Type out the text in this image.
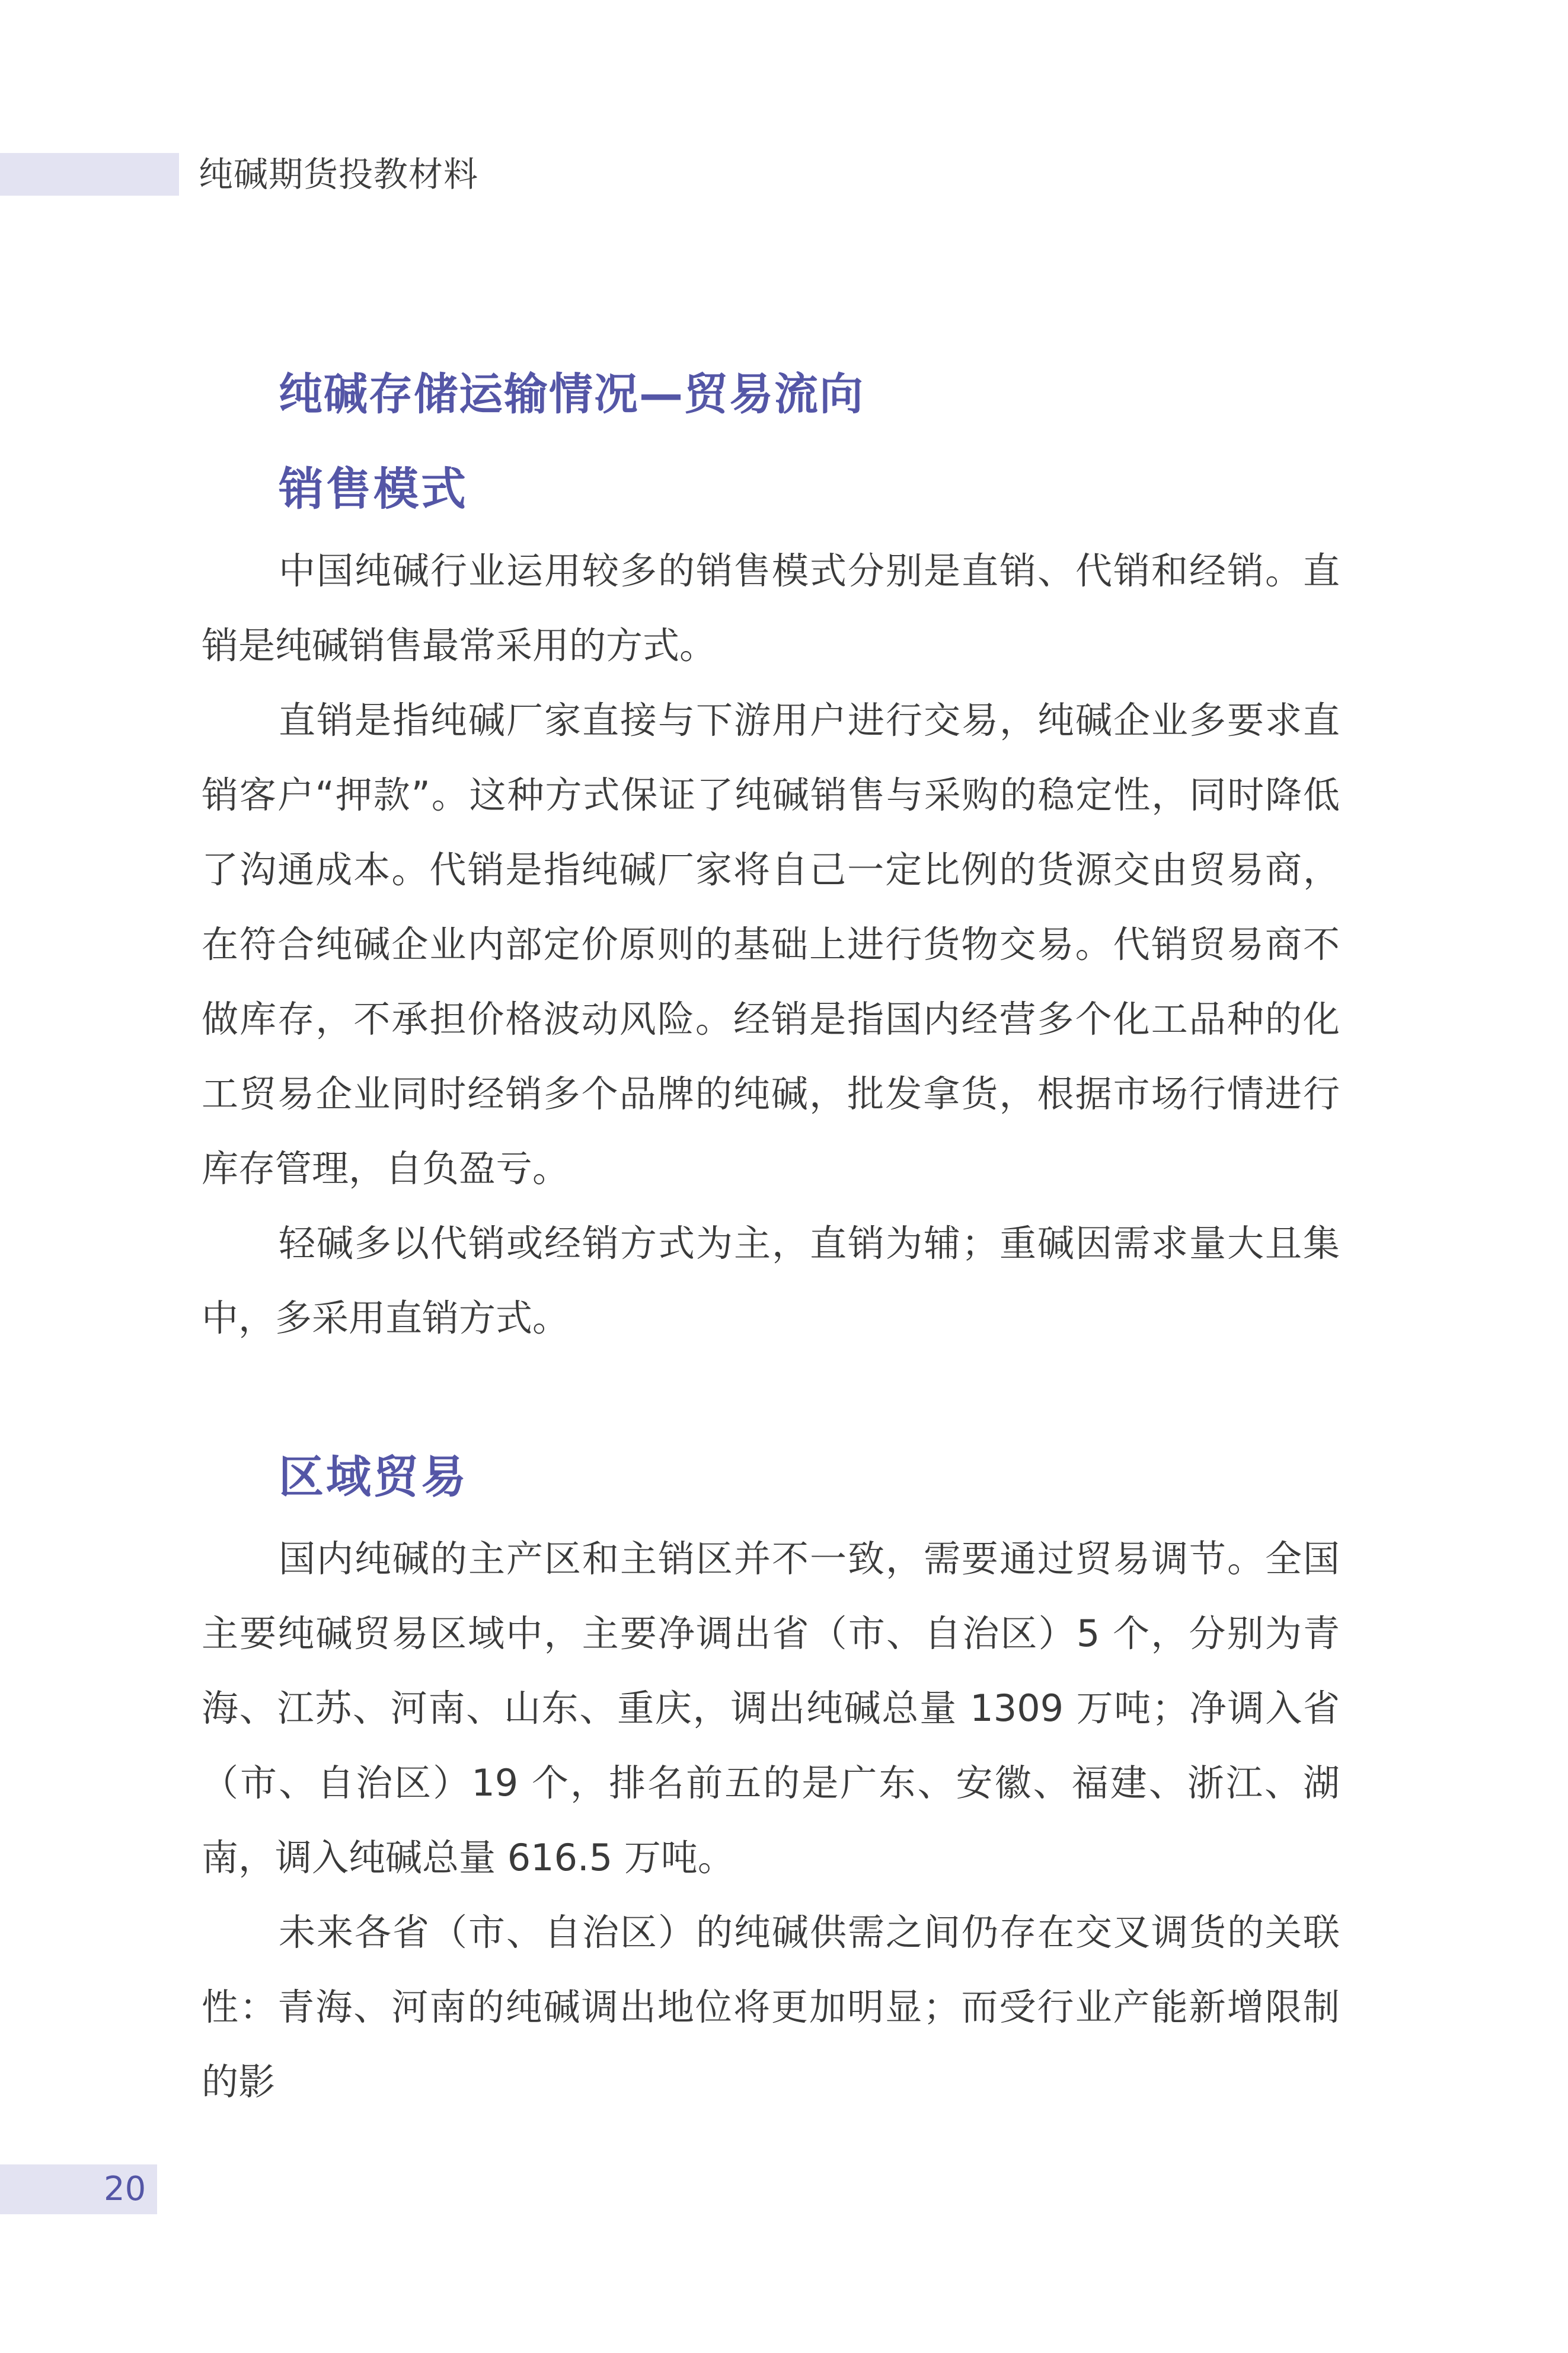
纯碱期货投教材料
纯碱存储运输情况—贸易流向
销售模式

中国纯碱行业运用较多的销售模式分别是直销、代销和经销。直销是纯碱销售最常采用的方式。

直销是指纯碱厂家直接与下游用户进行交易，纯碱企业多要求直销客户“押款”。这种方式保证了纯碱销售与采购的稳定性，同时降低了沟通成本。代销是指纯碱厂家将自己一定比例的货源交由贸易商，在符合纯碱企业内部定价原则的基础上进行货物交易。代销贸易商不做库存，不承担价格波动风险。经销是指国内经营多个化工品种的化工贸易企业同时经销多个品牌的纯碱，批发拿货，根据市场行情进行库存管理，自负盈亏。

轻碱多以代销或经销方式为主，直销为辅；重碱因需求量大且集中，多采用直销方式。

区域贸易

国内纯碱的主产区和主销区并不一致，需要通过贸易调节。全国主要纯碱贸易区域中，主要净调出省（市、自治区）5 个，分别为青海、江苏、河南、山东、重庆，调出纯碱总量 1309 万吨；净调入省（市、自治区）19 个，排名前五的是广东、安徽、福建、浙江、湖南，调入纯碱总量 616.5 万吨。

未来各省（市、自治区）的纯碱供需之间仍存在交叉调货的关联性：青海、河南的纯碱调出地位将更加明显；而受行业产能新增限制的影

20
